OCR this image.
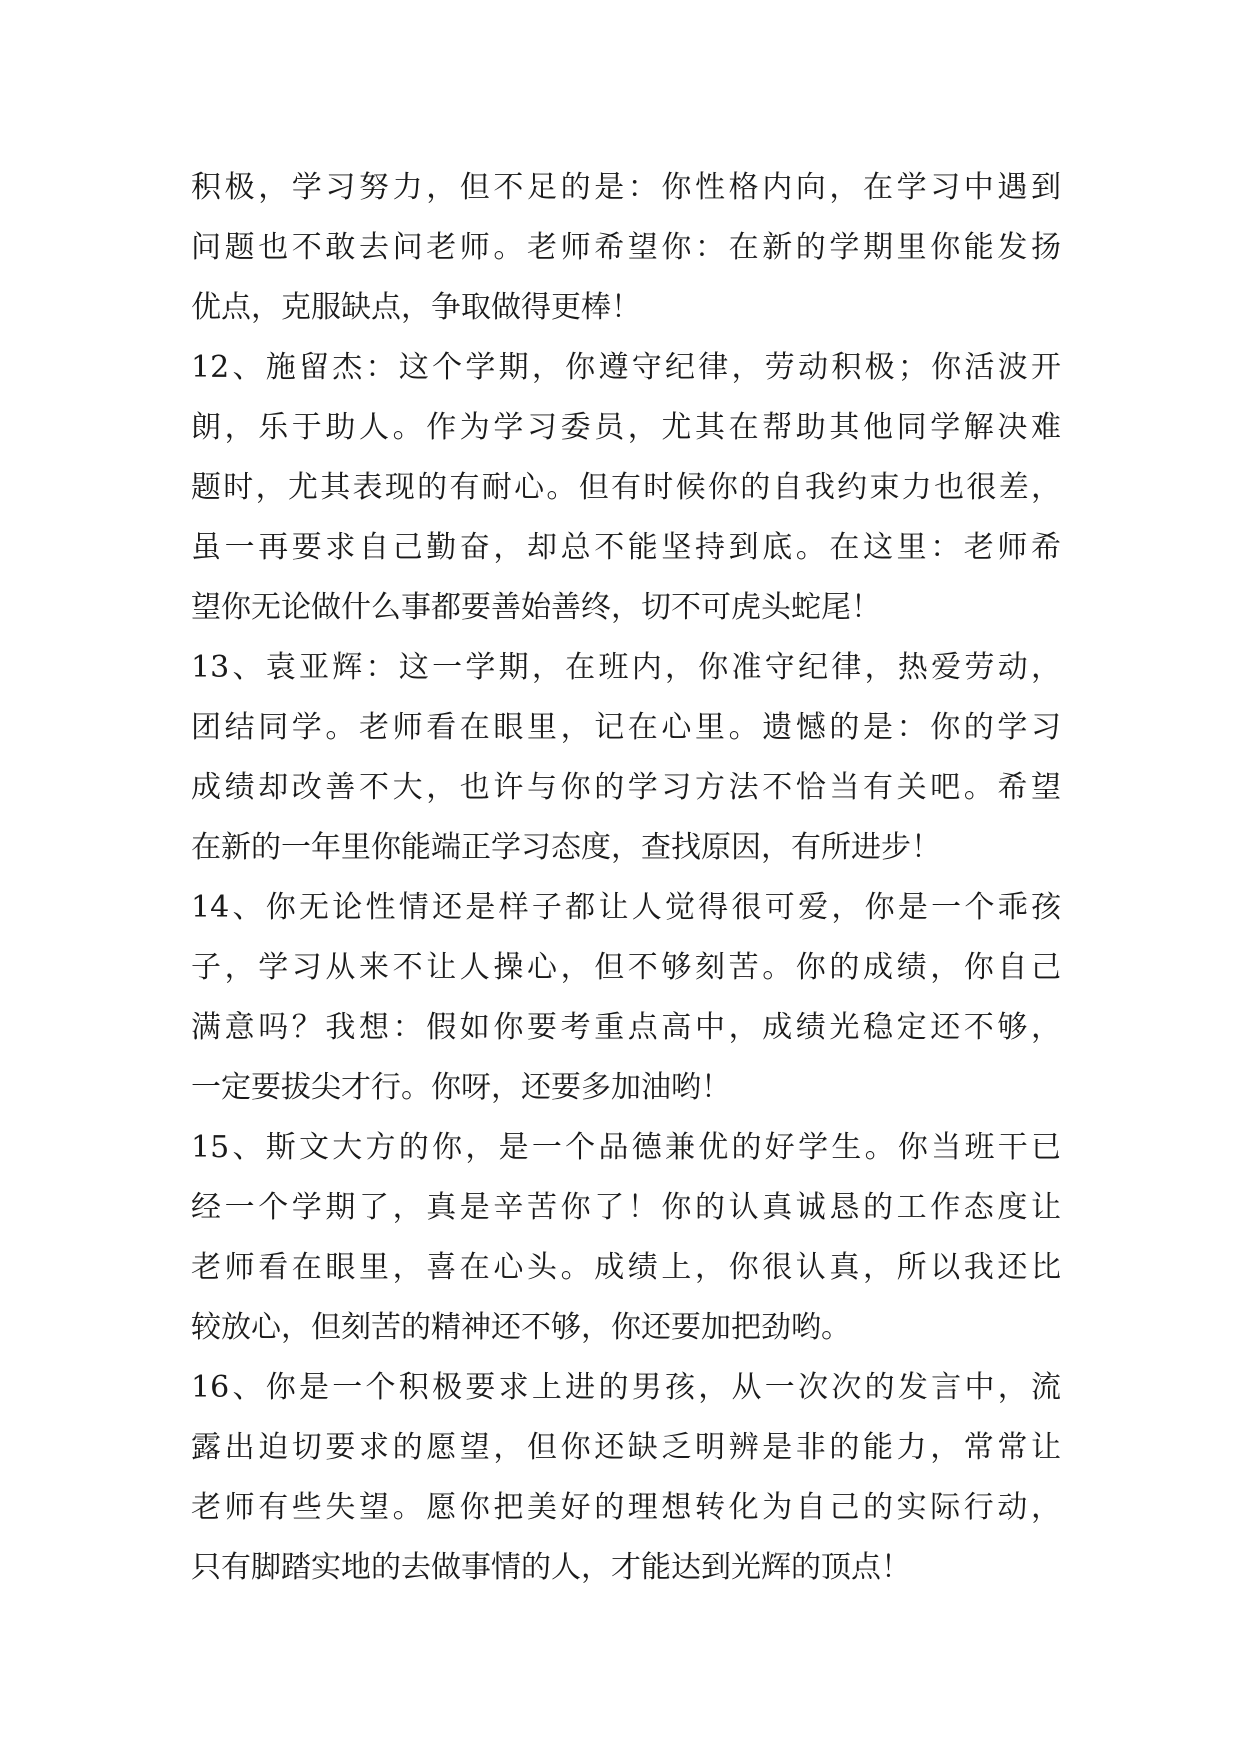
积极，学习努力，但不足的是：你性格内向，在学习中遇到
问题也不敢去问老师。老师希望你：在新的学期里你能发扬
优点，克服缺点，争取做得更棒！
12、施留杰：这个学期，你遵守纪律，劳动积极；你活波开
朗，乐于助人。作为学习委员，尤其在帮助其他同学解决难
题时，尤其表现的有耐心。但有时候你的自我约束力也很差，
虽一再要求自己勤奋，却总不能坚持到底。在这里：老师希
望你无论做什么事都要善始善终，切不可虎头蛇尾！
13、袁亚辉：这一学期，在班内，你准守纪律，热爱劳动，
团结同学。老师看在眼里，记在心里。遗憾的是：你的学习
成绩却改善不大，也许与你的学习方法不恰当有关吧。希望
在新的一年里你能端正学习态度，查找原因，有所进步！
14、你无论性情还是样子都让人觉得很可爱，你是一个乖孩
子，学习从来不让人操心，但不够刻苦。你的成绩，你自己
满意吗？我想：假如你要考重点高中，成绩光稳定还不够，
一定要拔尖才行。你呀，还要多加油哟！
15、斯文大方的你，是一个品德兼优的好学生。你当班干已
经一个学期了，真是辛苦你了！你的认真诚恳的工作态度让
老师看在眼里，喜在心头。成绩上，你很认真，所以我还比
较放心，但刻苦的精神还不够，你还要加把劲哟。
16、你是一个积极要求上进的男孩，从一次次的发言中，流
露出迫切要求的愿望，但你还缺乏明辨是非的能力，常常让
老师有些失望。愿你把美好的理想转化为自己的实际行动，
只有脚踏实地的去做事情的人，才能达到光辉的顶点！
